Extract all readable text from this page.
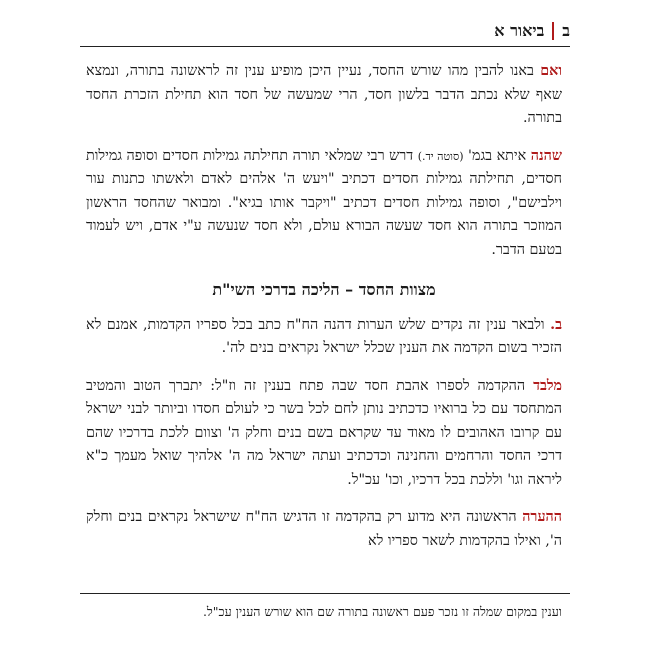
ב
ביאור א

ואם באנו להבין מהו שורש החסד, נעיין היכן מופיע ענין זה לראשונה בתורה, ונמצא שאף שלא נכתב הדבר בלשון חסד, הרי שמעשה של חסד הוא תחילת הזכרת החסד בתורה.

שהנה איתא בגמ' (סוטה יד.) דרש רבי שמלאי תורה תחילתה גמילות חסדים וסופה גמילות חסדים, תחילתה גמילות חסדים דכתיב "ויעש ה' אלהים לאדם ולאשתו כתנות עור וילבישם", וסופה גמילות חסדים דכתיב "ויקבר אותו בגיא". ומבואר שהחסד הראשון המוזכר בתורה הוא חסד שעשה הבורא עולם, ולא חסד שנעשה ע"י אדם, ויש לעמוד בטעם הדבר.

מצוות החסד – הליכה בדרכי השי"ת

ב. ולבאר ענין זה נקדים שלש הערות דהנה הח"ח כתב בכל ספריו הקדמות, אמנם לא הזכיר בשום הקדמה את הענין שכלל ישראל נקראים בנים לה'.

מלבד ההקדמה לספרו אהבת חסד שבה פתח בענין זה וז"ל: יתברך הטוב והמטיב המתחסד עם כל ברואיו כדכתיב נותן לחם לכל בשר כי לעולם חסדו וביותר לבני ישראל עם קרובו האהובים לו מאוד עד שקראם בשם בנים וחלק ה' וצוום ללכת בדרכיו שהם דרכי החסד והרחמים והחנינה וכדכתיב ועתה ישראל מה ה' אלהיך שואל מעמך כ"א ליראה וגו' וללכת בכל דרכיו, וכו' עכ"ל.

ההערה הראשונה היא מדוע רק בהקדמה זו הדגיש הח"ח שישראל נקראים בנים וחלק ה', ואילו בהקדמות לשאר ספריו לא

וענין במקום שמלה זו נזכר פעם ראשונה בתורה שם הוא שורש הענין עכ"ל.
